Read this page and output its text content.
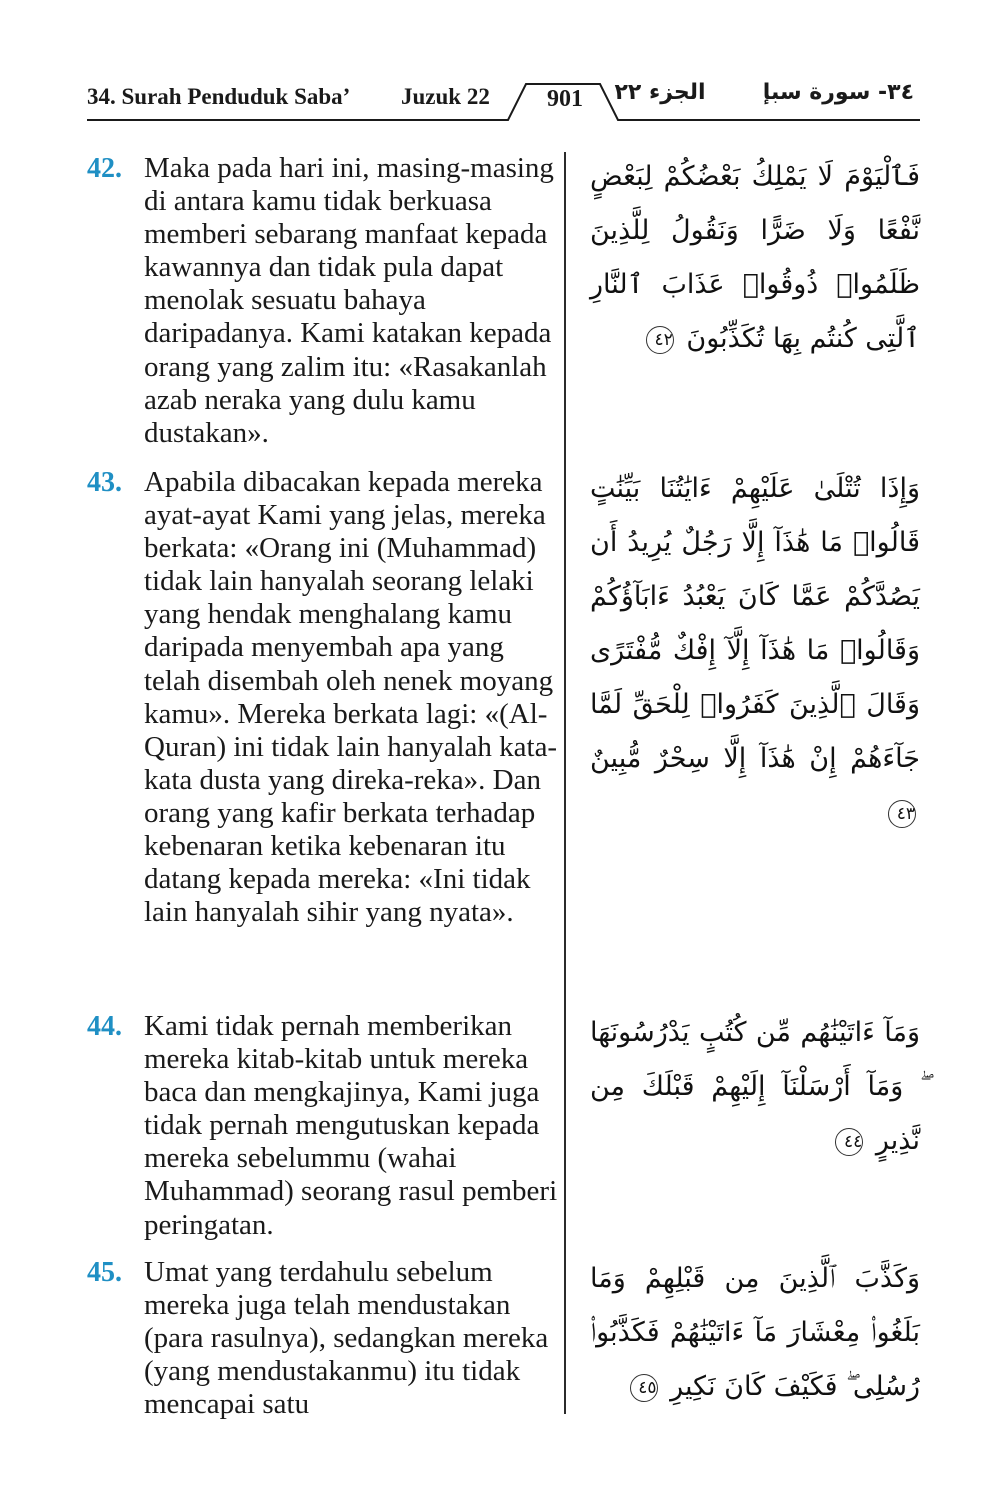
34. Surah Penduduk Saba’ Juzuk 22	901	الجزء ٢٢	٣٤- سورة سبإ
42. Maka pada hari ini, masing-masing di antara kamu tidak berkuasa memberi sebarang manfaat kepada kawannya dan tidak pula dapat menolak sesuatu bahaya daripadanya. Kami katakan kepada orang yang zalim itu: «Rasakanlah azab neraka yang dulu kamu dustakan».
فَٱلْيَوْمَ لَا يَمْلِكُ بَعْضُكُمْ لِبَعْضٍ نَّفْعًا وَلَا ضَرًّا وَنَقُولُ لِلَّذِينَ ظَلَمُوا۟ ذُوقُوا۟ عَذَابَ ٱلنَّارِ ٱلَّتِى كُنتُم بِهَا تُكَذِّبُونَ ٤٢
43. Apabila dibacakan kepada mereka ayat-ayat Kami yang jelas, mereka berkata: «Orang ini (Muhammad) tidak lain hanyalah seorang lelaki yang hendak menghalang kamu daripada menyembah apa yang telah disembah oleh nenek moyang kamu». Mereka berkata lagi: «(Al-Quran) ini tidak lain hanyalah kata-kata dusta yang direka-reka». Dan orang yang kafir berkata terhadap kebenaran ketika kebenaran itu datang kepada mereka: «Ini tidak lain hanyalah sihir yang nyata».
وَإِذَا تُتْلَىٰ عَلَيْهِمْ ءَايَٰتُنَا بَيِّنَٰتٍ قَالُوا۟ مَا هَٰذَآ إِلَّا رَجُلٌ يُرِيدُ أَن يَصُدَّكُمْ عَمَّا كَانَ يَعْبُدُ ءَابَآؤُكُمْ وَقَالُوا۟ مَا هَٰذَآ إِلَّآ إِفْكٌ مُّفْتَرًى وَقَالَ ٱلَّذِينَ كَفَرُوا۟ لِلْحَقِّ لَمَّا جَآءَهُمْ إِنْ هَٰذَآ إِلَّا سِحْرٌ مُّبِينٌ ٤٣
44. Kami tidak pernah memberikan mereka kitab-kitab untuk mereka baca dan mengkajinya, Kami juga tidak pernah mengutuskan kepada mereka sebelummu (wahai Muhammad) seorang rasul pemberi peringatan.
وَمَآ ءَاتَيْنَٰهُم مِّن كُتُبٍ يَدْرُسُونَهَا ۖ وَمَآ أَرْسَلْنَآ إِلَيْهِمْ قَبْلَكَ مِن نَّذِيرٍ ٤٤
45. Umat yang terdahulu sebelum mereka juga telah mendustakan (para rasulnya), sedangkan mereka (yang mendustakanmu) itu tidak mencapai satu
وَكَذَّبَ ٱلَّذِينَ مِن قَبْلِهِمْ وَمَا بَلَغُوا۟ مِعْشَارَ مَآ ءَاتَيْنَٰهُمْ فَكَذَّبُوا۟ رُسُلِى ۖ فَكَيْفَ كَانَ نَكِيرِ ٤٥
